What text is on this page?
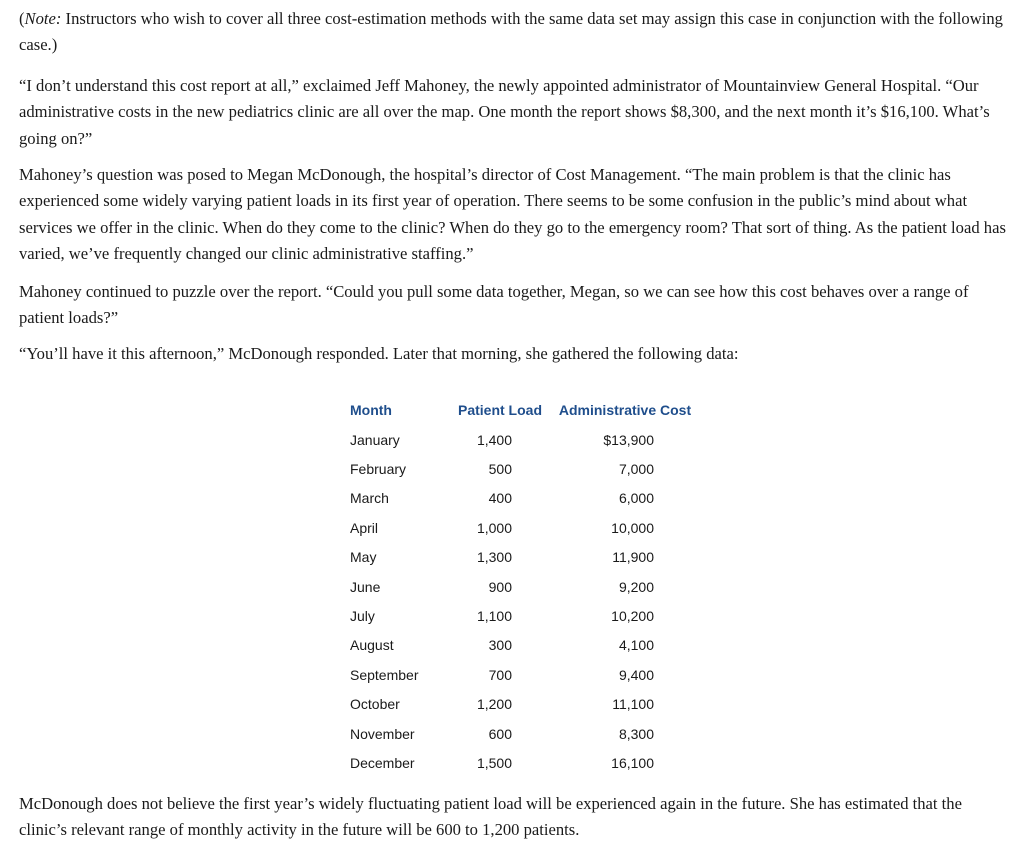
(Note: Instructors who wish to cover all three cost-estimation methods with the same data set may assign this case in conjunction with the following case.)

“I don’t understand this cost report at all,” exclaimed Jeff Mahoney, the newly appointed administrator of Mountainview General Hospital. “Our administrative costs in the new pediatrics clinic are all over the map. One month the report shows $8,300, and the next month it’s $16,100. What’s going on?”

Mahoney’s question was posed to Megan McDonough, the hospital’s director of Cost Management. “The main problem is that the clinic has experienced some widely varying patient loads in its first year of operation. There seems to be some confusion in the public’s mind about what services we offer in the clinic. When do they come to the clinic? When do they go to the emergency room? That sort of thing. As the patient load has varied, we’ve frequently changed our clinic administrative staffing.”

Mahoney continued to puzzle over the report. “Could you pull some data together, Megan, so we can see how this cost behaves over a range of patient loads?”

“You’ll have it this afternoon,” McDonough responded. Later that morning, she gathered the following data:

Month	Patient Load	Administrative Cost
January	1,400	$13,900
February	500	7,000
March	400	6,000
April	1,000	10,000
May	1,300	11,900
June	900	9,200
July	1,100	10,200
August	300	4,100
September	700	9,400
October	1,200	11,100
November	600	8,300
December	1,500	16,100

McDonough does not believe the first year’s widely fluctuating patient load will be experienced again in the future. She has estimated that the clinic’s relevant range of monthly activity in the future will be 600 to 1,200 patients.
